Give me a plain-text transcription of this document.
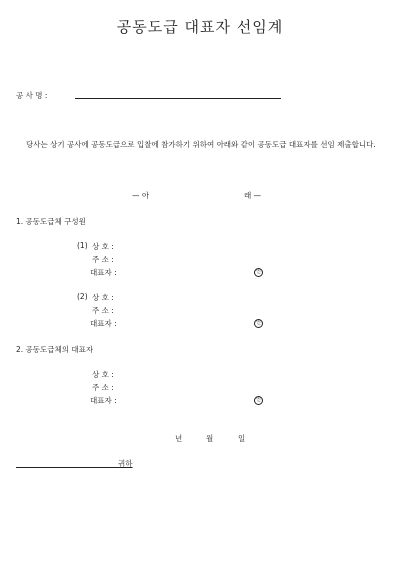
공동도급 대표자 선임계
공 사 명 :
당사는 상기 공사에 공동도급으로 입찰에 참가하기 위하여 아래와 같이 공동도급 대표자를 선임 제출합니다.
— 아	래 —
1. 공동도급체 구성원
(1) 상 호 :
주 소 :
대표자 :	인
(2) 상 호 :
주 소 :
대표자 :	인
2. 공동도급체의 대표자
상 호 :
주 소 :
대표자 :	인
년	월	일
귀하
